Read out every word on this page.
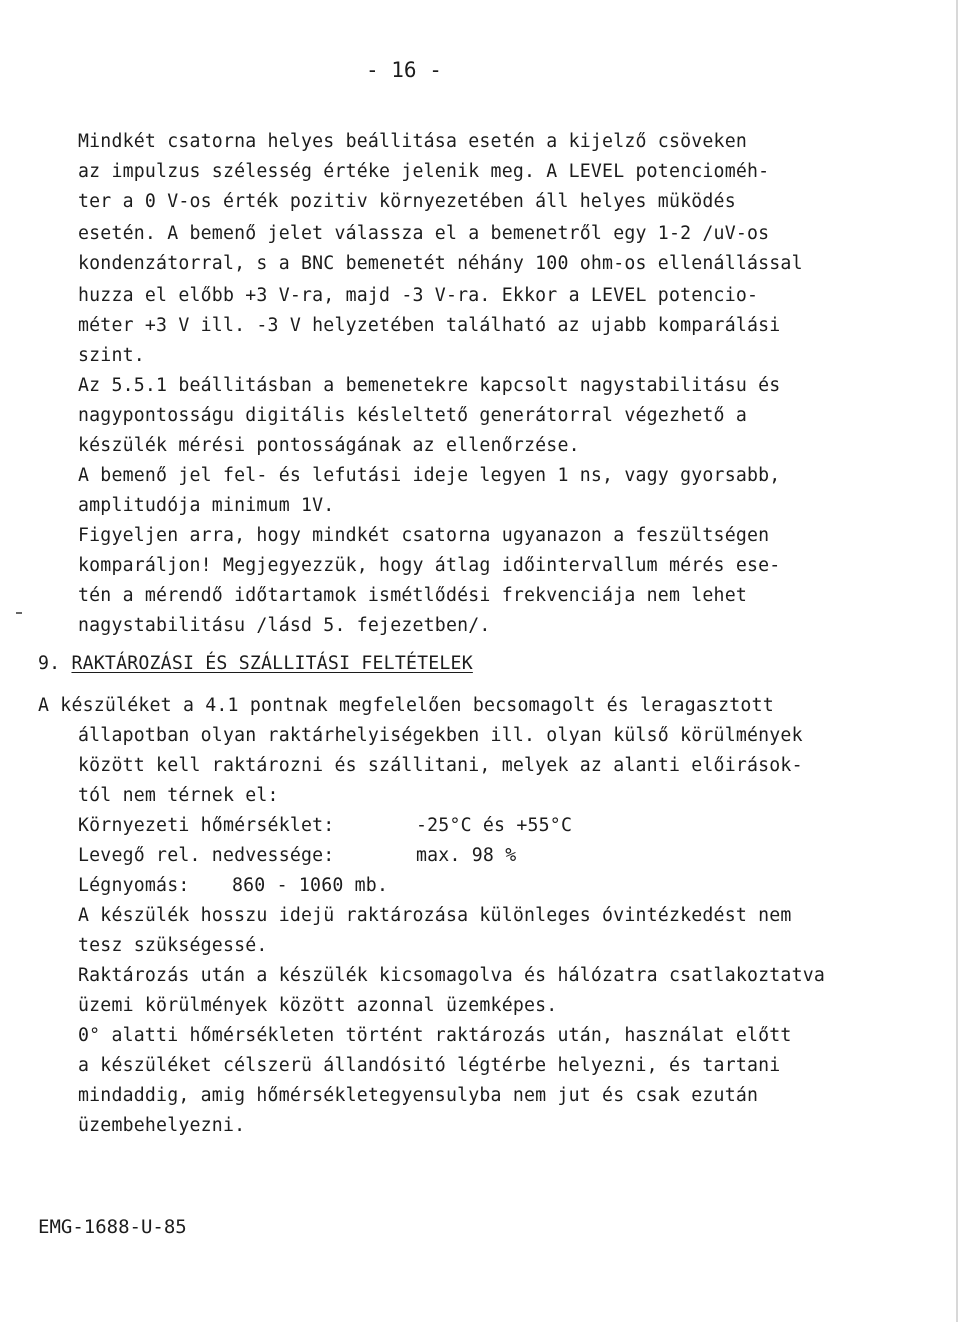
- 16 -
Mindkét csatorna helyes beállitása esetén a kijelző csöveken
az impulzus szélesség értéke jelenik meg. A LEVEL potencioméh-
ter a 0 V-os érték pozitiv környezetében áll helyes müködés
esetén. A bemenő jelet válassza el a bemenetről egy 1-2 /uV-os
kondenzátorral, s a BNC bemenetét néhány 100 ohm-os ellenállással
huzza el előbb +3 V-ra, majd -3 V-ra. Ekkor a LEVEL potencio-
méter +3 V ill. -3 V helyzetében található az ujabb komparálási
szint.
Az 5.5.1 beállitásban a bemenetekre kapcsolt nagystabilitásu és
nagypontosságu digitális késleltető generátorral végezhető a
készülék mérési pontosságának az ellenőrzése.
A bemenő jel fel- és lefutási ideje legyen 1 ns, vagy gyorsabb,
amplitudója minimum 1V.
Figyeljen arra, hogy mindkét csatorna ugyanazon a feszültségen
komparáljon! Megjegyezzük, hogy átlag időintervallum mérés ese-
tén a mérendő időtartamok ismétlődési frekvenciája nem lehet
nagystabilitásu /lásd 5. fejezetben/.
9. RAKTÁROZÁSI ÉS SZÁLLITÁSI FELTÉTELEK
A készüléket a 4.1 pontnak megfelelően becsomagolt és leragasztott
állapotban olyan raktárhelyiségekben ill. olyan külső körülmények
között kell raktározni és szállitani, melyek az alanti előirások-
tól nem térnek el:
Környezeti hőmérséklet:	-25°C és +55°C
Levegő rel. nedvessége:	max. 98 %
Légnyomás: 860 - 1060 mb.
A készülék hosszu idejü raktározása különleges óvintézkedést nem
tesz szükségessé.
Raktározás után a készülék kicsomagolva és hálózatra csatlakoztatva
üzemi körülmények között azonnal üzemképes.
0° alatti hőmérsékleten történt raktározás után, használat előtt
a készüléket célszerü állandósitó légtérbe helyezni, és tartani
mindaddig, amig hőmérsékletegyensulyba nem jut és csak ezután
üzembehelyezni.
EMG-1688-U-85
